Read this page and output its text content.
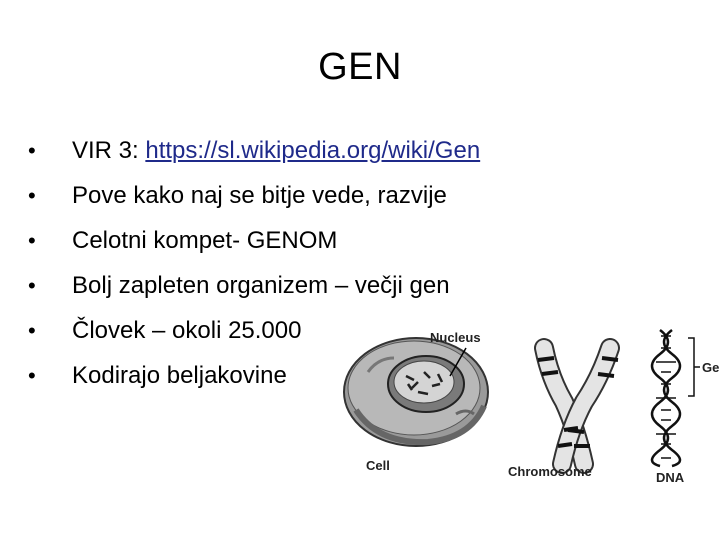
GEN
• VIR 3: https://sl.wikipedia.org/wiki/Gen
• Pove kako naj se bitje vede, razvije
• Celotni kompet- GENOM
• Bolj zapleten organizem – večji gen
• Človek – okoli 25.000
• Kodirajo beljakovine
Nucleus
Cell	Chromosome	DNA
Ge
